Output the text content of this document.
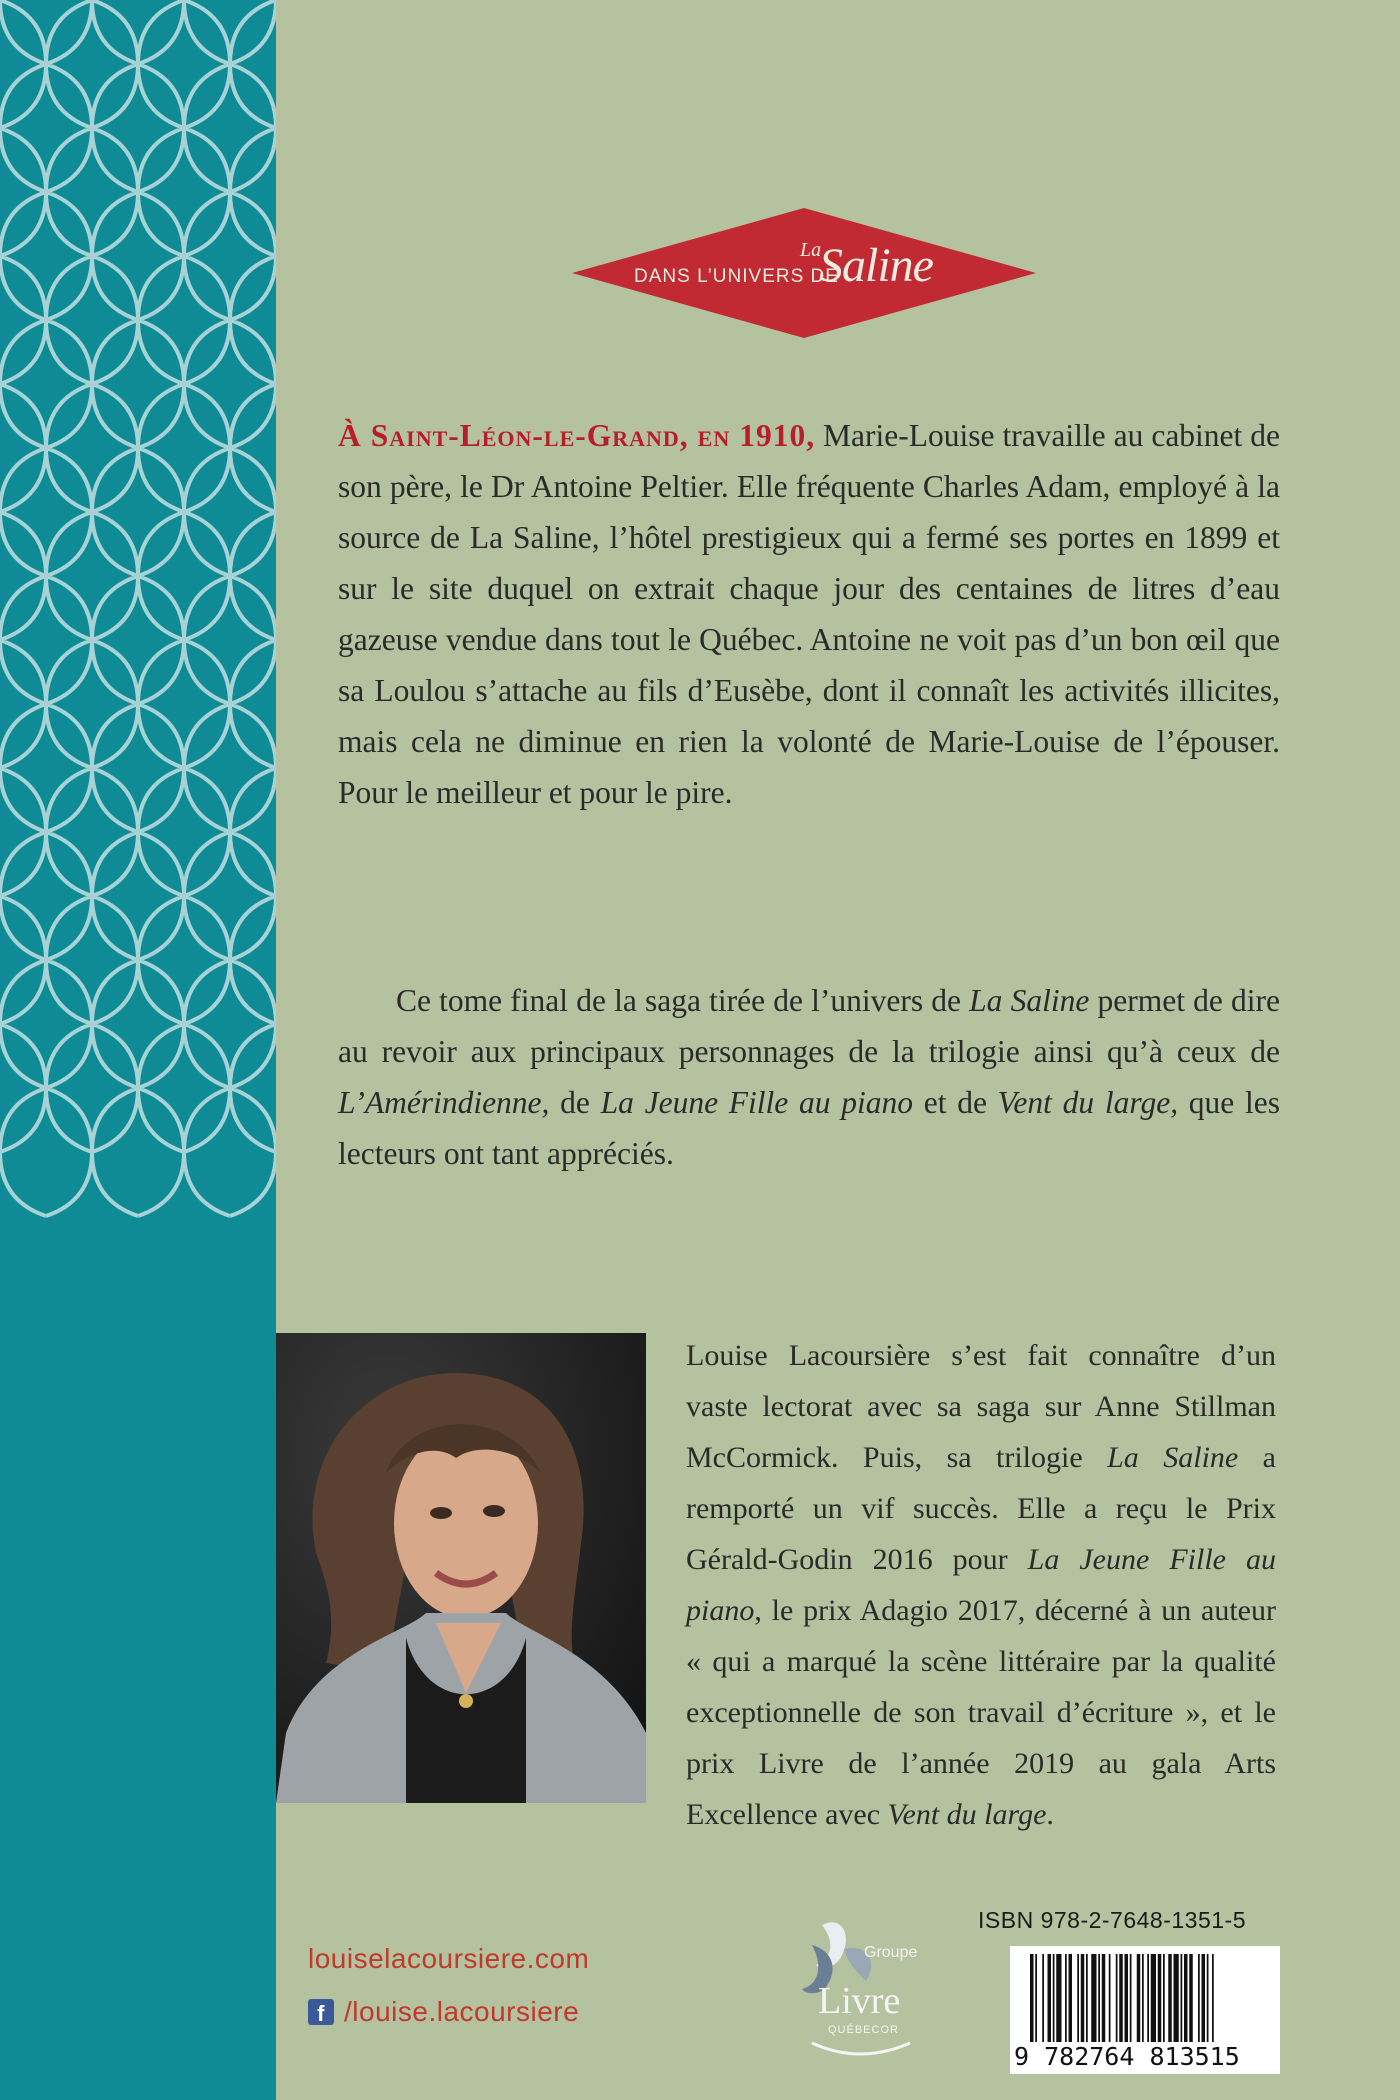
DANS L’UNIVERS DE
La
Saline

À Saint-Léon-le-Grand, en 1910, Marie-Louise travaille au cabinet de son père, le Dr Antoine Peltier. Elle fréquente Charles Adam, employé à la source de La Saline, l’hôtel prestigieux qui a fermé ses portes en 1899 et sur le site duquel on extrait chaque jour des centaines de litres d’eau gazeuse vendue dans tout le Québec. Antoine ne voit pas d’un bon œil que sa Loulou s’attache au fils d’Eusèbe, dont il connaît les activités illicites, mais cela ne diminue en rien la volonté de Marie-Louise de l’épouser. Pour le meilleur et pour le pire.

Ce tome final de la saga tirée de l’univers de La Saline permet de dire au revoir aux principaux personnages de la trilogie ainsi qu’à ceux de L’Amérindienne, de La Jeune Fille au piano et de Vent du large, que les lecteurs ont tant appréciés.

Louise Lacoursière s’est fait connaître d’un vaste lectorat avec sa saga sur Anne Stillman McCormick. Puis, sa trilogie La Saline a remporté un vif succès. Elle a reçu le Prix Gérald-Godin 2016 pour La Jeune Fille au piano, le prix Adagio 2017, décerné à un auteur « qui a marqué la scène littéraire par la qualité exceptionnelle de son travail d’écriture », et le prix Livre de l’année 2019 au gala Arts Excellence avec Vent du large.

louiselacoursiere.com
f /louise.lacoursiere
Groupe
Livre
QUÉBECOR
ISBN 978-2-7648-1351-5
9 782764 813515
